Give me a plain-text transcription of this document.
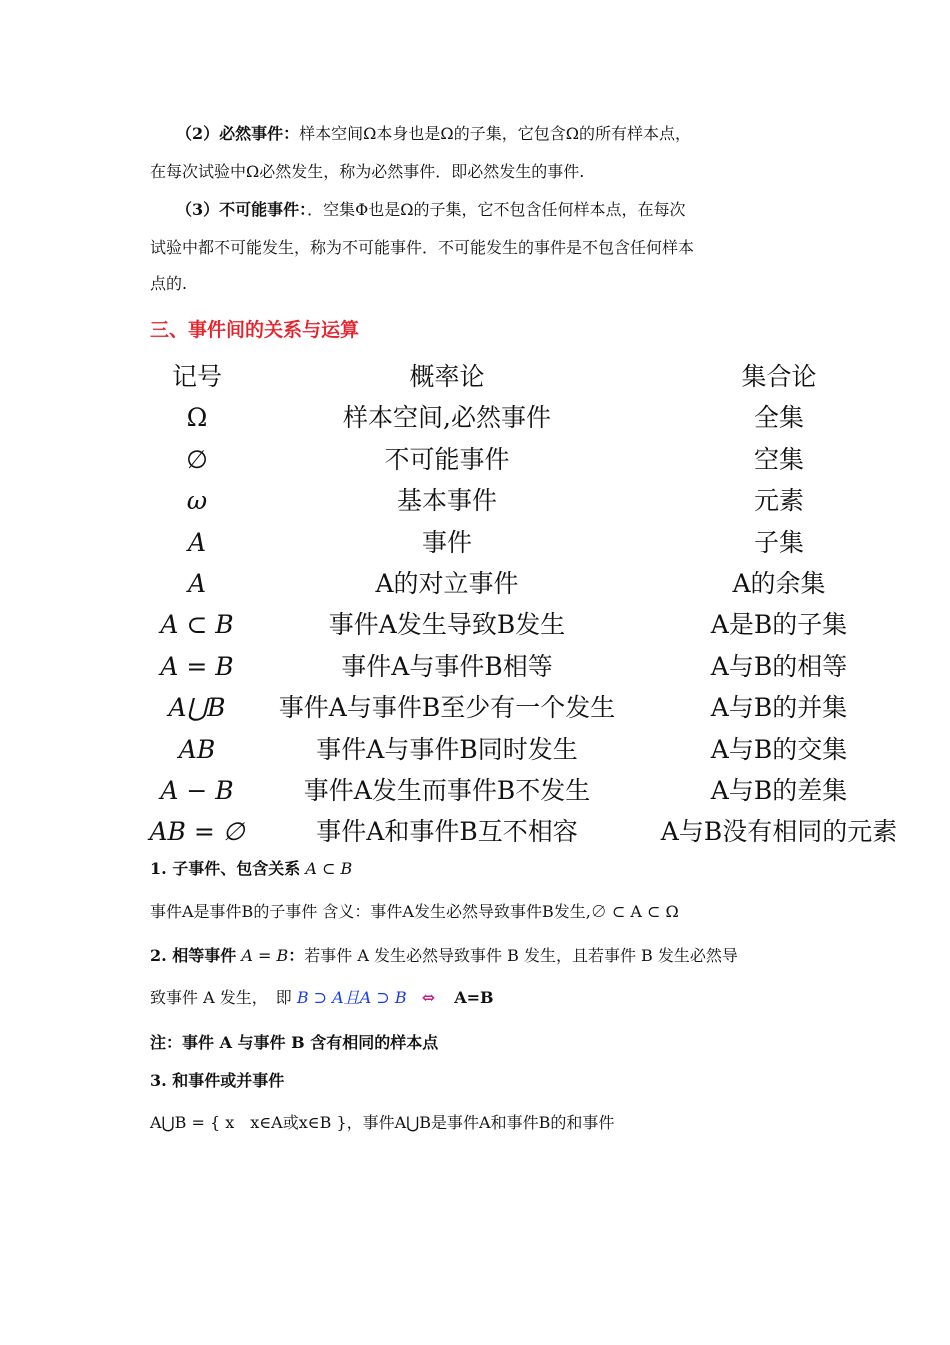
（2）必然事件：样本空间Ω本身也是Ω的子集，它包含Ω的所有样本点，
在每次试验中Ω必然发生，称为必然事件．即必然发生的事件.
（3）不可能事件：．空集Φ也是Ω的子集，它不包含任何样本点，在每次
试验中都不可能发生，称为不可能事件．不可能发生的事件是不包含任何样本
点的.
三、事件间的关系与运算
记号	概率论	集合论
Ω	样本空间,必然事件	全集
∅	不可能事件	空集
ω	基本事件	元素
A	事件	子集
A	A的对立事件	A的余集
A ⊂ B	事件A发生导致B发生	A是B的子集
A = B	事件A与事件B相等	A与B的相等
A⋃B 事件A与事件B至少有一个发生	A与B的并集
AB	事件A与事件B同时发生	A与B的交集
A − B	事件A发生而事件B不发生	A与B的差集
AB = ∅	事件A和事件B互不相容	A与B没有相同的元素
1. 子事件、包含关系 A ⊂ B
事件A是事件B的子事件 含义：事件A发生必然导致事件B发生,∅ ⊂ A ⊂ Ω
2. 相等事件 A = B：若事件 A 发生必然导致事件 B 发生，且若事件 B 发生必然导
致事件 A 发生，　即 B ⊃ A且A ⊃ B ⇔ A=B
注：事件 A 与事件 B 含有相同的样本点
3. 和事件或并事件
A⋃B = { x　x∈A或x∈B }，事件A⋃B是事件A和事件B的和事件
